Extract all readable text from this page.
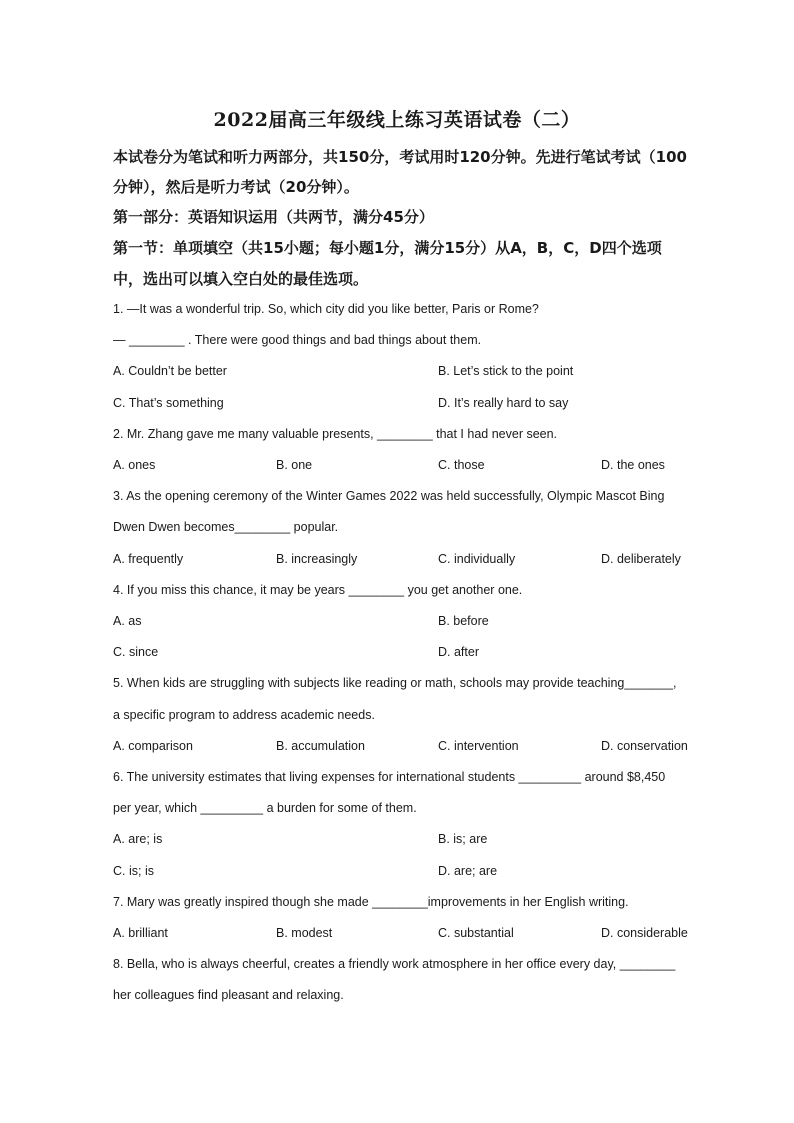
2022届高三年级线上练习英语试卷（二）

本试卷分为笔试和听力两部分，共150分，考试用时120分钟。先进行笔试考试（100

分钟），然后是听力考试（20分钟）。

第一部分：英语知识运用（共两节，满分45分）

第一节：单项填空（共15小题；每小题1分，满分15分）从A，B，C，D四个选项

中，选出可以填入空白处的最佳选项。

1. —It was a wonderful trip. So, which city did you like better, Paris or Rome?

— ________ . There were good things and bad things about them.

A. Couldn’t be better	B. Let’s stick to the point

C. That’s something	D. It’s really hard to say

2. Mr. Zhang gave me many valuable presents, ________ that I had never seen.

A. ones	B. one	C. those	D. the ones

3. As the opening ceremony of the Winter Games 2022 was held successfully, Olympic Mascot Bing

Dwen Dwen becomes________ popular.

A. frequently	B. increasingly	C. individually	D. deliberately

4. If you miss this chance, it may be years ________ you get another one.

A. as	B. before

C. since	D. after

5. When kids are struggling with subjects like reading or math, schools may provide teaching_______,

a specific program to address academic needs.

A. comparison	B. accumulation	C. intervention	D. conservation

6. The university estimates that living expenses for international students _________ around $8,450

per year, which _________ a burden for some of them.

A. are; is	B. is; are

C. is; is	D. are; are

7. Mary was greatly inspired though she made ________improvements in her English writing.

A. brilliant	B. modest	C. substantial	D. considerable

8. Bella, who is always cheerful, creates a friendly work atmosphere in her office every day, ________

her colleagues find pleasant and relaxing.
